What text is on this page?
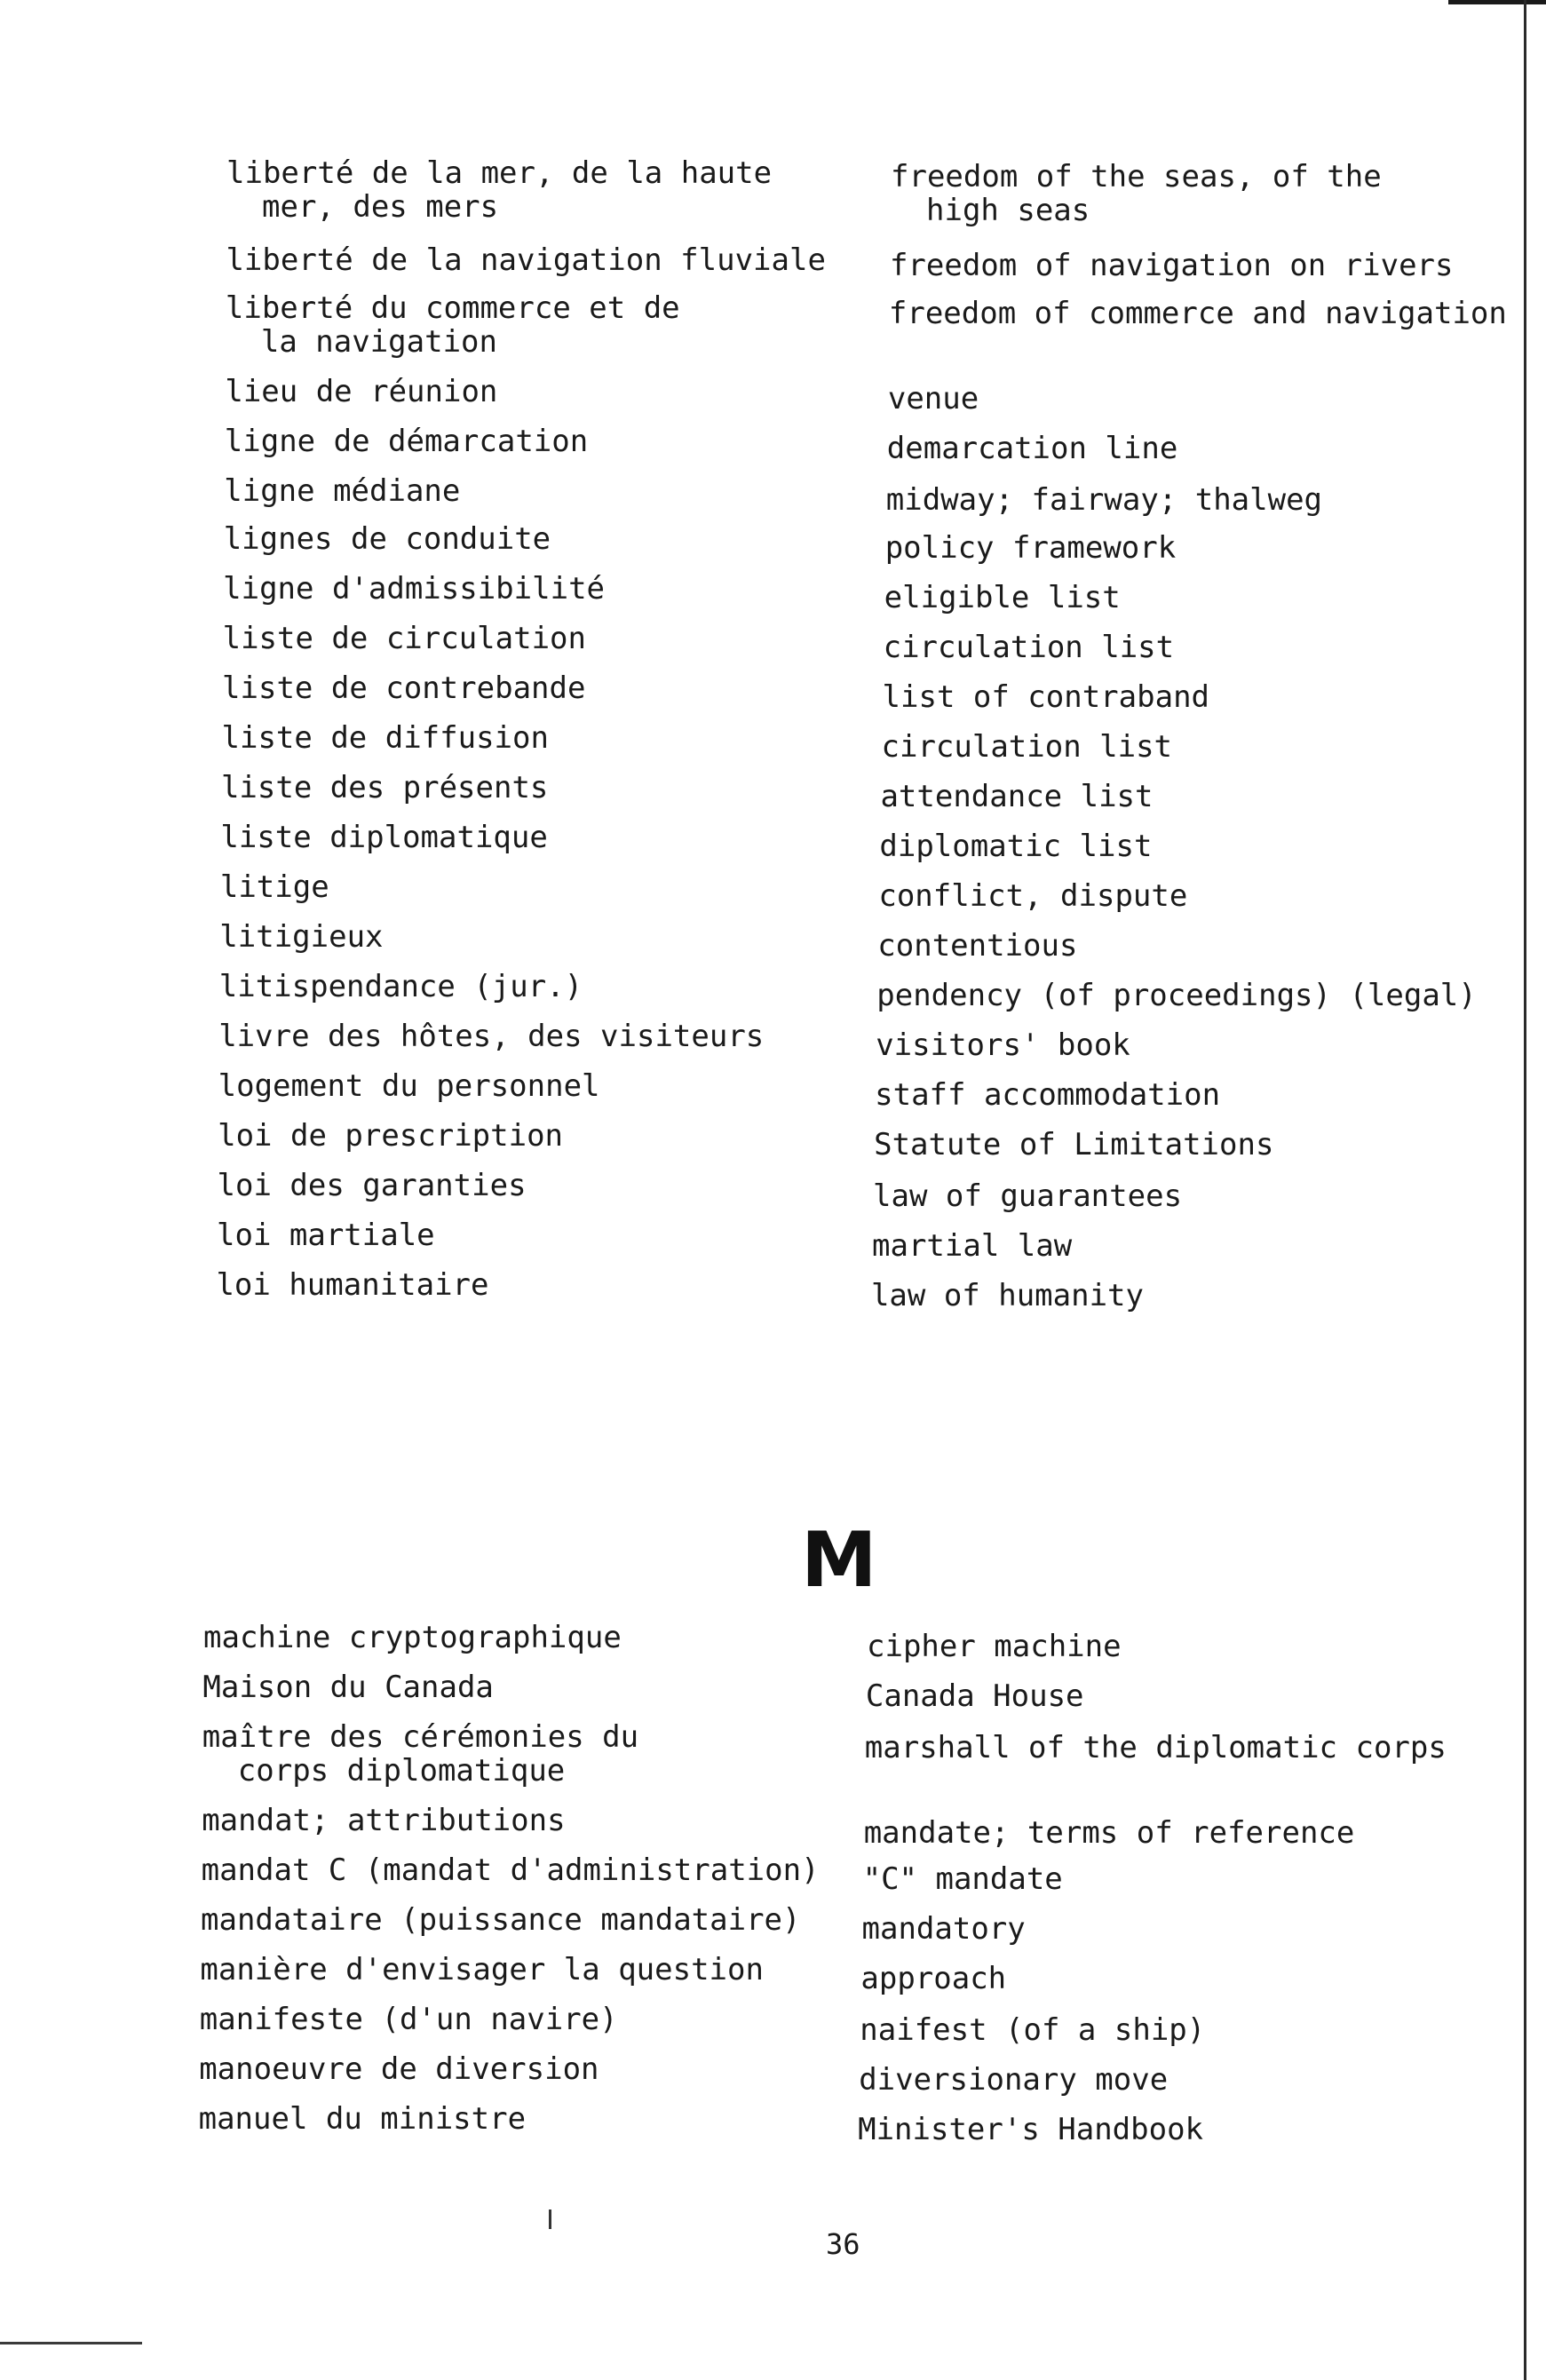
liberté de la mer, de la haute

mer, des mers
freedom of the seas, of the

high seas
liberté de la navigation fluviale freedom of navigation on rivers
liberté du commerce et de

la navigation
freedom of commerce and navigation
lieu de réunion	venue
ligne de démarcation	demarcation line
ligne médiane	midway; fairway; thalweg
lignes de conduite	policy framework
ligne d'admissibilité	eligible list
liste de circulation	circulation list
liste de contrebande	list of contraband
liste de diffusion	circulation list
liste des présents	attendance list
liste diplomatique	diplomatic list
litige	conflict, dispute
litigieux	contentious
litispendance (jur.)	pendency (of proceedings) (legal)
livre des hôtes, des visiteurs	visitors' book
logement du personnel	staff accommodation
loi de prescription	Statute of Limitations
loi des garanties	law of guarantees
loi martiale	martial law
loi humanitaire	law of humanity
M
machine cryptographique	cipher machine
Maison du Canada	Canada House
maître des cérémonies du

corps diplomatique
marshall of the diplomatic corps
mandat; attributions	mandate; terms of reference
mandat C (mandat d'administration) "C" mandate
mandataire (puissance mandataire) mandatory
manière d'envisager la question	approach
manifeste (d'un navire)	naifest (of a ship)
manoeuvre de diversion	diversionary move
manuel du ministre	Minister's Handbook
36
